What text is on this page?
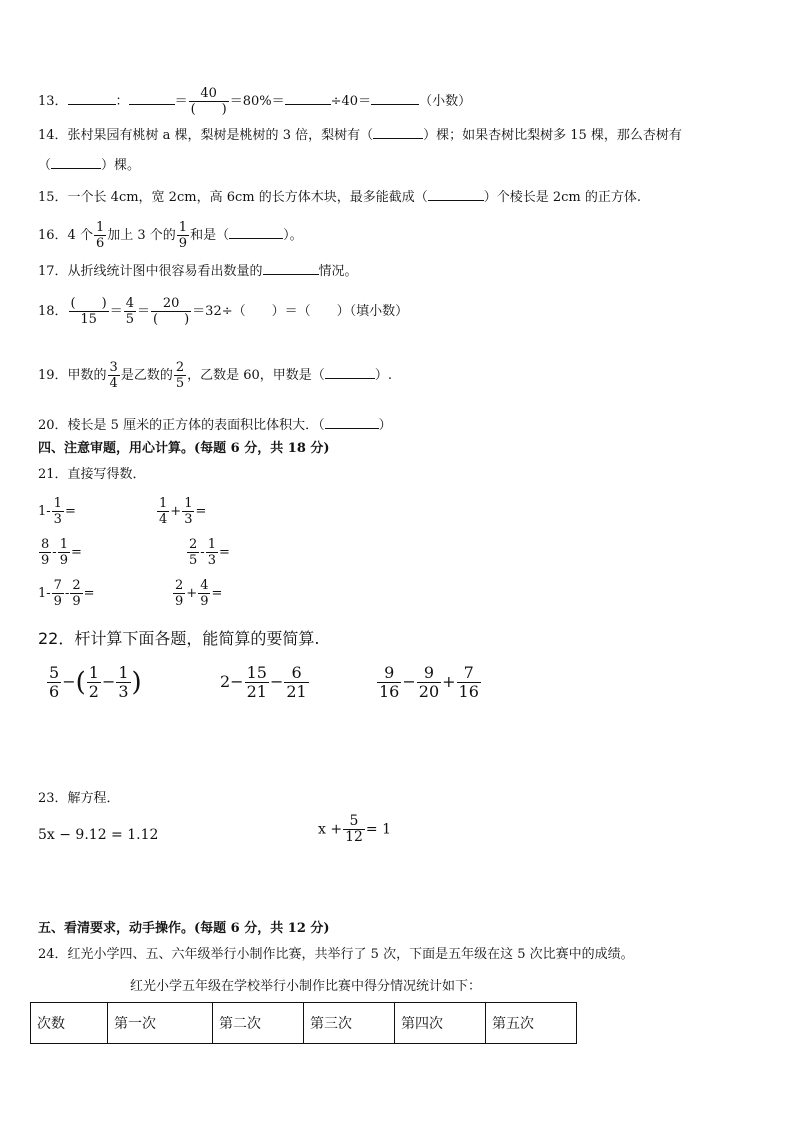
13．	：	＝ $\frac{40}{( )} =80\%=$	÷40＝	（小数）
14．张村果园有桃树 a 棵，梨树是桃树的 3 倍，梨树有（	）棵；如果杏树比梨树多 15 棵，那么杏树有
（	）棵。
15．一个长 4cm，宽 2cm，高 6cm 的长方体木块，最多能截成（	）个棱长是 2cm 的正方体.
16．4 个 $\frac{1}{6}$ 加上 3 个的 $\frac{1}{9}$ 和是（	）。
17．从折线统计图中很容易看出数量的	情况。
18． $\frac{( )}{15} = \frac{4}{5} = \frac{20}{( )} =32\div$（　　）＝（　　）（填小数）
19．甲数的 $\frac{3}{4}$ 是乙数的 $\frac{2}{5}$ ，乙数是 60，甲数是（	）.
20．棱长是 5 厘米的正方体的表面积比体积大．（	）
四、注意审题，用心计算。(每题 6 分，共 18 分)
21．直接写得数．
$1- \frac{1}{3}$ =	$\frac{1}{4} + \frac{1}{3}$ =
$\frac{8}{9} - \frac{1}{9}$ =	$\frac{2}{5} - \frac{1}{3}$ =
$1- \frac{7}{9} - \frac{2}{9}$ =	$\frac{2}{9} + \frac{4}{9}$ =
22．杆计算下面各题，能简算的要简算.
$\frac{5}{6}$ −( $\frac{1}{2} - \frac{1}{3}$ )	$2- \frac{15}{21} - \frac{6}{21}$	$\frac{9}{16} - \frac{9}{20} + \frac{7}{16}$
23．解方程．
5x − 9.12 = 1.12	$x + \frac{5}{12} = 1$
五、看清要求，动手操作。(每题 6 分，共 12 分)
24．红光小学四、五、六年级举行小制作比赛，共举行了 5 次，下面是五年级在这 5 次比赛中的成绩。
红光小学五年级在学校举行小制作比赛中得分情况统计如下：
次数	第一次	第二次	第三次	第四次	第五次
